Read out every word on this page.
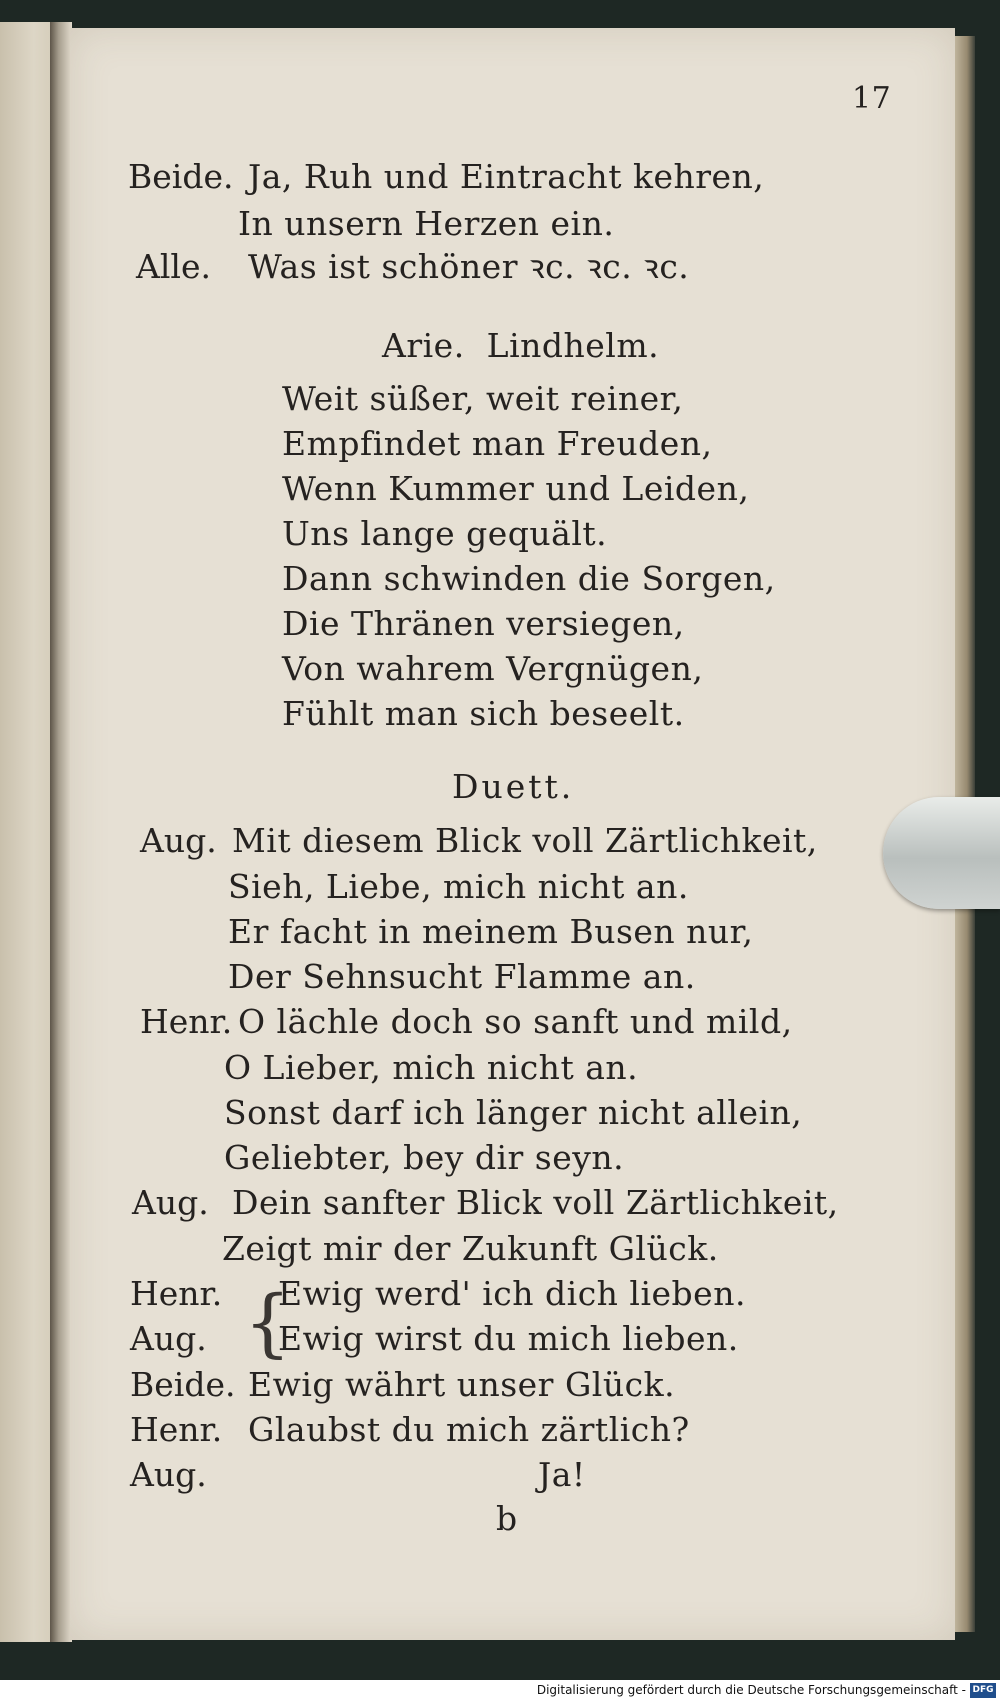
17
Beide. Ja, Ruh und Eintracht kehren,
In unsern Herzen ein.
Alle. Was ist schöner ꝛc. ꝛc. ꝛc.
Arie.  Lindhelm.
Weit süßer, weit reiner,
Empfindet man Freuden,
Wenn Kummer und Leiden,
Uns lange gequält.
Dann schwinden die Sorgen,
Die Thränen versiegen,
Von wahrem Vergnügen,
Fühlt man sich beseelt.
Duett.
Aug. Mit diesem Blick voll Zärtlichkeit,
Sieh, Liebe, mich nicht an.
Er facht in meinem Busen nur,
Der Sehnsucht Flamme an.
Henr. O lächle doch so sanft und mild,
O Lieber, mich nicht an.
Sonst darf ich länger nicht allein,
Geliebter, bey dir seyn.
Aug. Dein sanfter Blick voll Zärtlichkeit,
Zeigt mir der Zukunft Glück.
Henr. {
Ewig werd' ich dich lieben.
Aug. Ewig wirst du mich lieben.
Beide. Ewig währt unser Glück.
Henr. Glaubst du mich zärtlich?
Aug.	Ja!
b
Digitalisierung gefördert durch die Deutsche Forschungsgemeinschaft - DFG
